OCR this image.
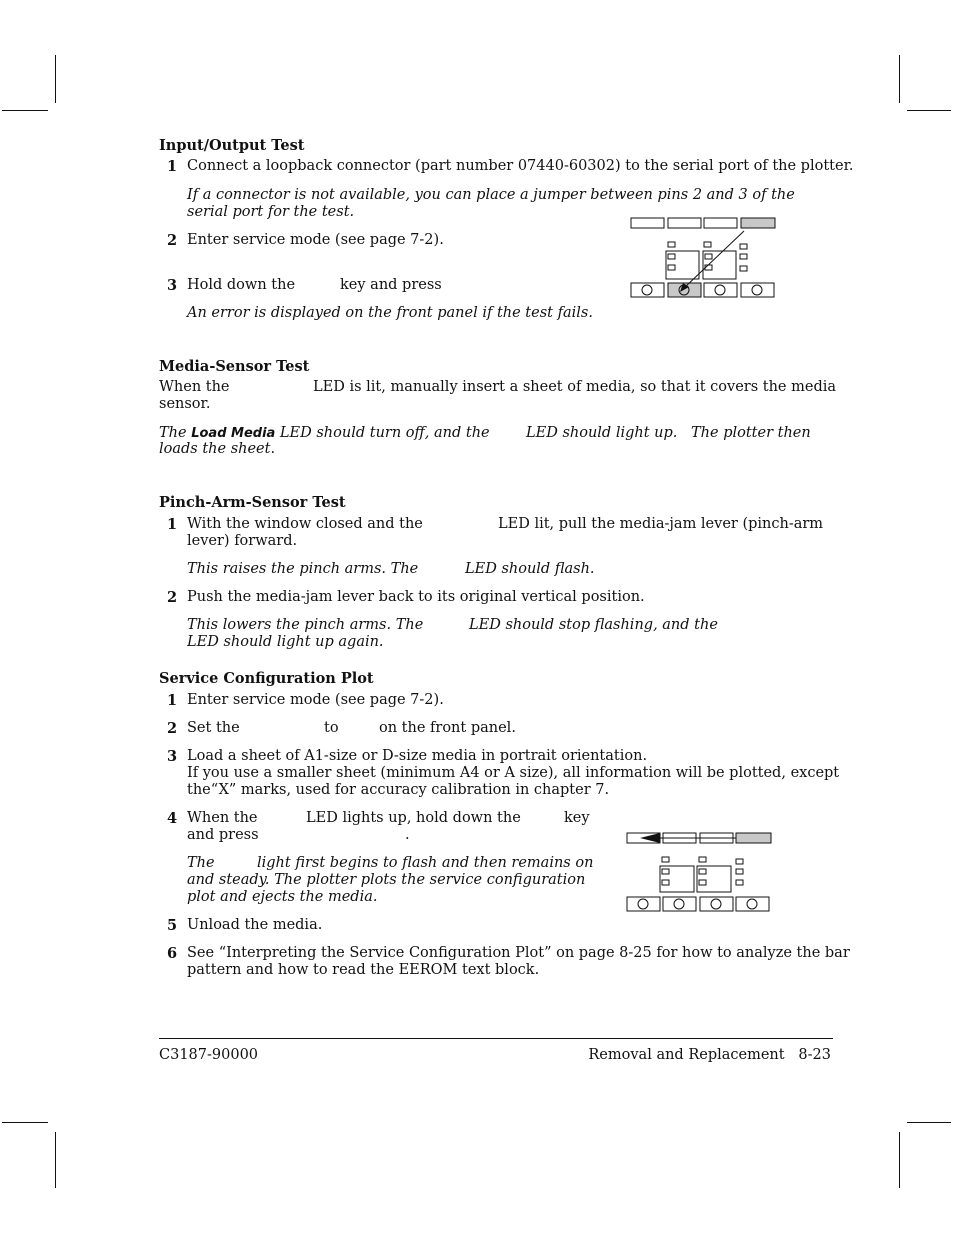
Input/Output Test
1 Connect a loopback connector (part number 07440-60302) to the serial port of the plotter.
If a connector is not available, you can place a jumper between pins 2 and 3 of the
serial port for the test.
2 Enter service mode (see page 7-2).
3 Hold down the	key and press
An error is displayed on the front panel if the test fails.
Media-Sensor Test
When the	LED is lit, manually insert a sheet of media, so that it covers the media
sensor.
The Load Media LED should turn off, and the	LED should light up. The plotter then
loads the sheet.
Pinch-Arm-Sensor Test
1 With the window closed and the	LED lit, pull the media-jam lever (pinch-arm
lever) forward.
This raises the pinch arms. The	LED should flash.
2 Push the media-jam lever back to its original vertical position.
This lowers the pinch arms. The	LED should stop flashing, and the
LED should light up again.
Service Configuration Plot
1 Enter service mode (see page 7-2).
2 Set the	to	on the front panel.
3 Load a sheet of A1-size or D-size media in portrait orientation.
If you use a smaller sheet (minimum A4 or A size), all information will be plotted, except
the“X” marks, used for accuracy calibration in chapter 7.
4 When the	LED lights up, hold down the	key
and press	.
The	light first begins to flash and then remains on
and steady. The plotter plots the service configuration
plot and ejects the media.
5 Unload the media.
6 See “Interpreting the Service Configuration Plot” on page 8-25 for how to analyze the bar
pattern and how to read the EEROM text block.
C3187-90000	Removal and Replacement   8-23
